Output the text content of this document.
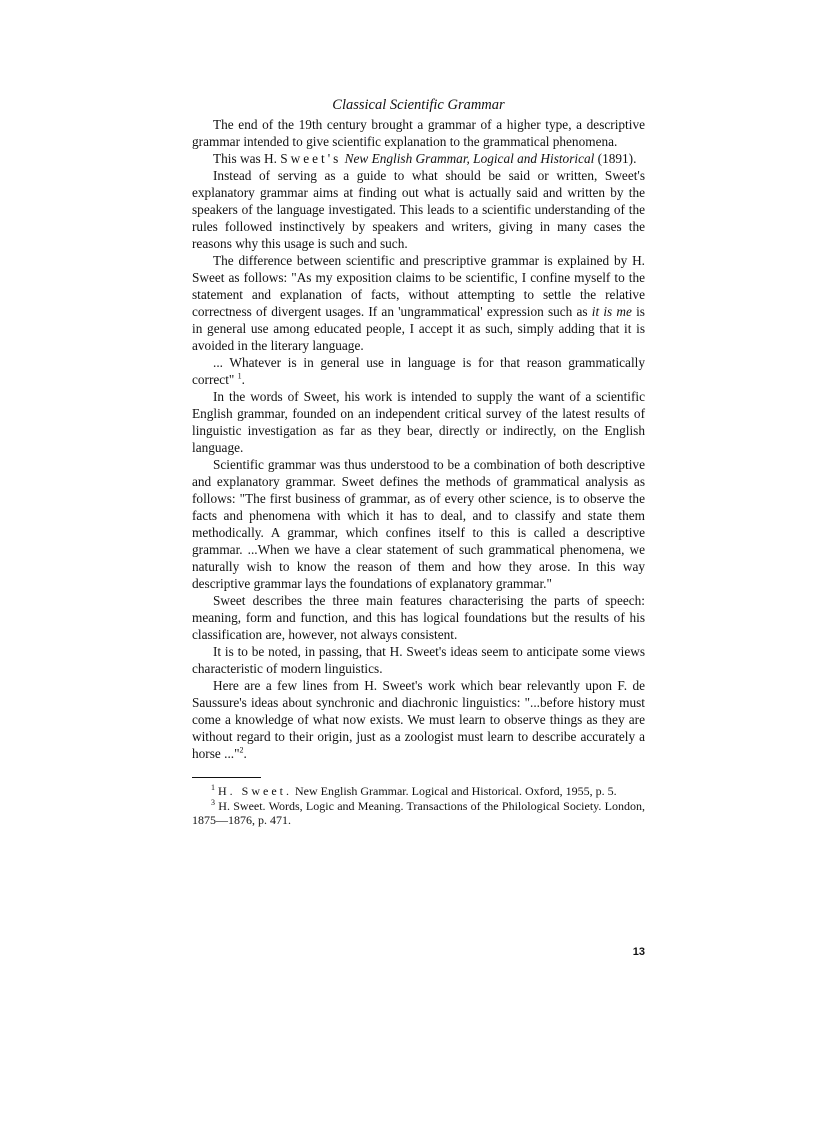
Classical Scientific Grammar

The end of the 19th century brought a grammar of a higher type, a descriptive grammar intended to give scientific explanation to the grammatical phenomena.

This was H. Sweet's New English Grammar, Logical and Historical (1891).

Instead of serving as a guide to what should be said or written, Sweet's explanatory grammar aims at finding out what is actually said and written by the speakers of the language investigated. This leads to a scientific understanding of the rules followed instinctively by speakers and writers, giving in many cases the reasons why this usage is such and such.

The difference between scientific and prescriptive grammar is explained by H. Sweet as follows: "As my exposition claims to be scientific, I confine myself to the statement and explanation of facts, without attempting to settle the relative correctness of divergent usages. If an 'ungrammatical' expression such as it is me is in general use among educated people, I accept it as such, simply adding that it is avoided in the literary language.

... Whatever is in general use in language is for that reason grammatically correct" $^1$.

In the words of Sweet, his work is intended to supply the want of a scientific English grammar, founded on an independent critical survey of the latest results of linguistic investigation as far as they bear, directly or indirectly, on the English language.

Scientific grammar was thus understood to be a combination of both descriptive and explanatory grammar. Sweet defines the methods of grammatical analysis as follows: "The first business of grammar, as of every other science, is to observe the facts and phenomena with which it has to deal, and to classify and state them methodically. A grammar, which confines itself to this is called a descriptive grammar. ...When we have a clear statement of such grammatical phenomena, we naturally wish to know the reason of them and how they arose. In this way descriptive grammar lays the foundations of explanatory grammar."

Sweet describes the three main features characterising the parts of speech: meaning, form and function, and this has logical foundations but the results of his classification are, however, not always consistent.

It is to be noted, in passing, that H. Sweet's ideas seem to anticipate some views characteristic of modern linguistics.

Here are a few lines from H. Sweet's work which bear relevantly upon F. de Saussure's ideas about synchronic and diachronic linguistics: "...before history must come a knowledge of what now exists. We must learn to observe things as they are without regard to their origin, just as a zoologist must learn to describe accurately a horse ..."$^2$.

$^1$ H. Sweet. New English Grammar. Logical and Historical. Oxford, 1955, p. 5.

$^3$ H. Sweet. Words, Logic and Meaning. Transactions of the Philological Society. London, 1875—1876, p. 471.

13
